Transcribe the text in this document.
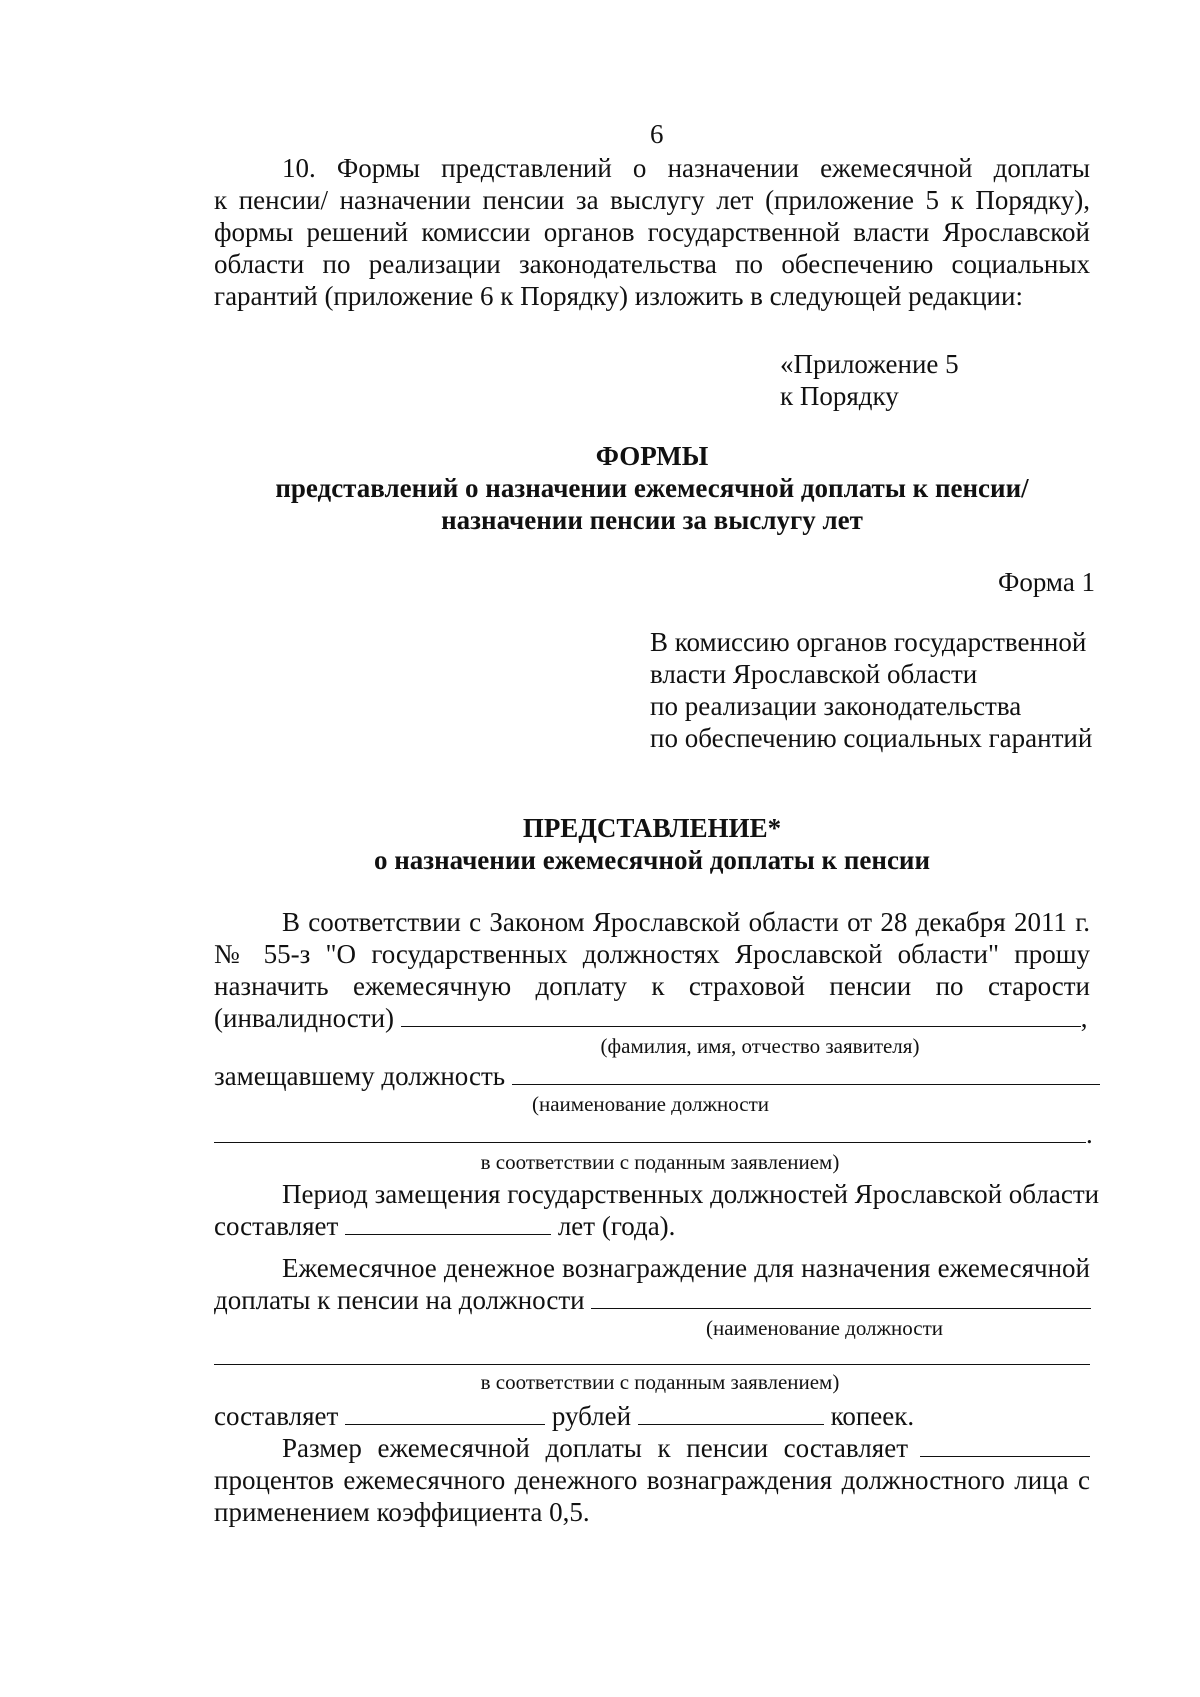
6
10. Формы представлений о назначении ежемесячной доплаты
к пенсии/ назначении пенсии за выслугу лет (приложение 5 к Порядку),
формы решений комиссии органов государственной власти Ярославской
области по реализации законодательства по обеспечению социальных
гарантий (приложение 6 к Порядку) изложить в следующей редакции:
«Приложение 5
к Порядку
ФОРМЫ
представлений о назначении ежемесячной доплаты к пенсии/
назначении пенсии за выслугу лет
Форма 1
В комиссию органов государственной
власти Ярославской области
по реализации законодательства
по обеспечению социальных гарантий
ПРЕДСТАВЛЕНИЕ*
о назначении ежемесячной доплаты к пенсии
В соответствии с Законом Ярославской области от 28 декабря 2011 г.
№ 55-з "О государственных должностях Ярославской области" прошу
назначить ежемесячную доплату к страховой пенсии по старости
(инвалидности)	,
(фамилия, имя, отчество заявителя)
замещавшему должность
(наименование должности
.
в соответствии с поданным заявлением)
Период замещения государственных должностей Ярославской области
составляет	лет (года).
Ежемесячное денежное вознаграждение для назначения ежемесячной
доплаты к пенсии на должности
(наименование должности
в соответствии с поданным заявлением)
составляет	рублей	копеек.
Размер ежемесячной доплаты к пенсии составляет
процентов ежемесячного денежного вознаграждения должностного лица с
применением коэффициента 0,5.
